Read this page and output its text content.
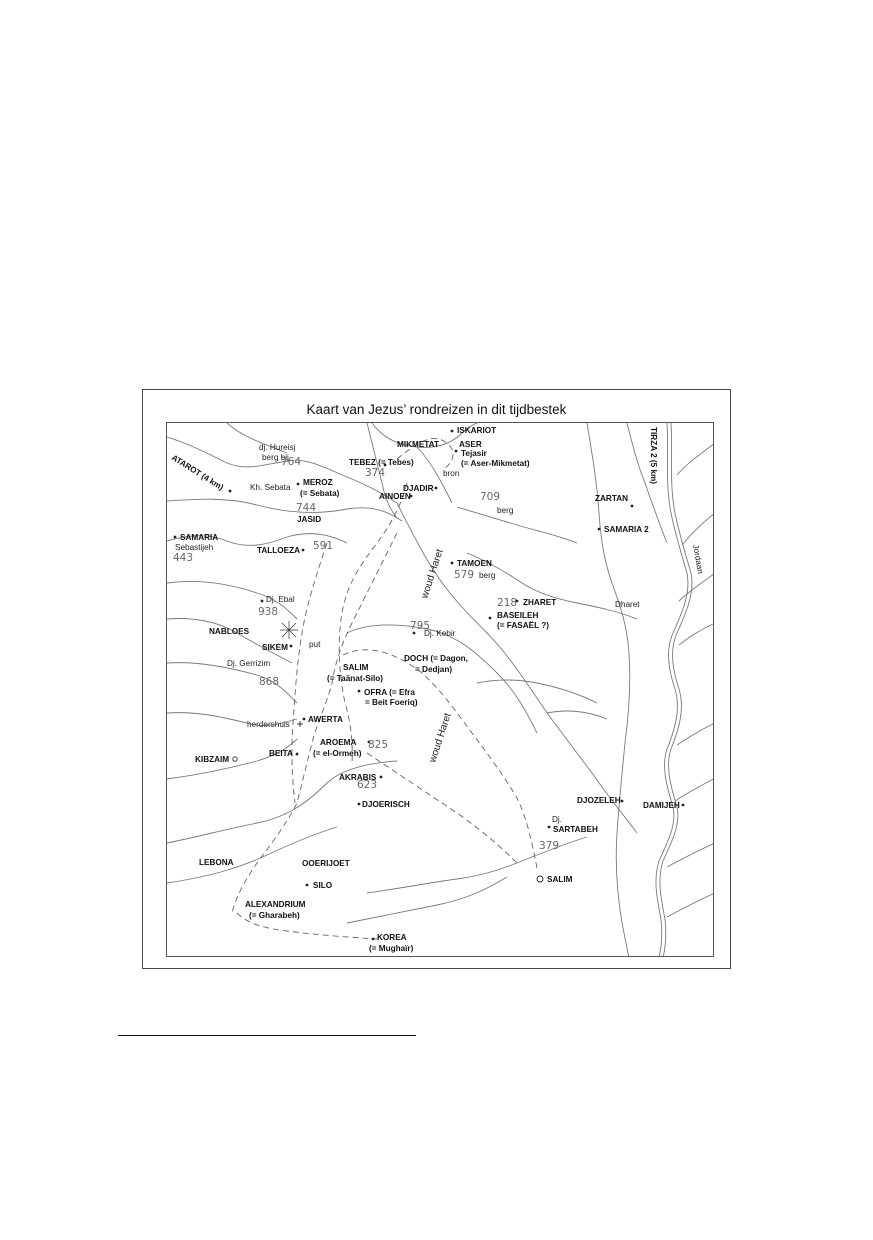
Kaart van Jezus’ rondreizen in dit tijdbestek
ATAROT (4 km)	TIRZA 2 (5 km)
Jordaan
woud Haret
woud Haret
ISKARIOT
MIKMETAT ASER
Tejasir
(= Aser-Mikmetat)
TEBEZ (= Tebes)
bron
DJADIR
AINOEN
berg
dj. Hureisj
berg bij
Kh. Sebata
MEROZ
(= Sebata)
JASID
SAMARIA
Sebastijeh	TALLOEZA
TAMOEN
berg
ZARTAN
SAMARIA 2
Dj. Ebal	ZHARET
BASEILEH
(= FASAËL ?)
Dharet
NABLOES	Dj. Kebir
SIKEM	put
SALIM
(= Taänat-Silo)
DOCH (= Dagon,
= Dedjan)
Dj. Gerrizim
OFRA (= Efra
= Beit Foeriq)
herdershuis
AWERTA
AROEMA
(= el-Ormeh)
KIBZAIM
BEITA
AKRABIS
DJOERISCH	DJOZELEH
DAMIJEH
Dj.
SARTABEH
LEBONA	OOERIJOET
SALIM
SILO
ALEXANDRIUM
(= Gharabeh)
KOREA
(= Mughaïr)
764
374
709
744
591
443
579
938
218
795
868
825
623
379
